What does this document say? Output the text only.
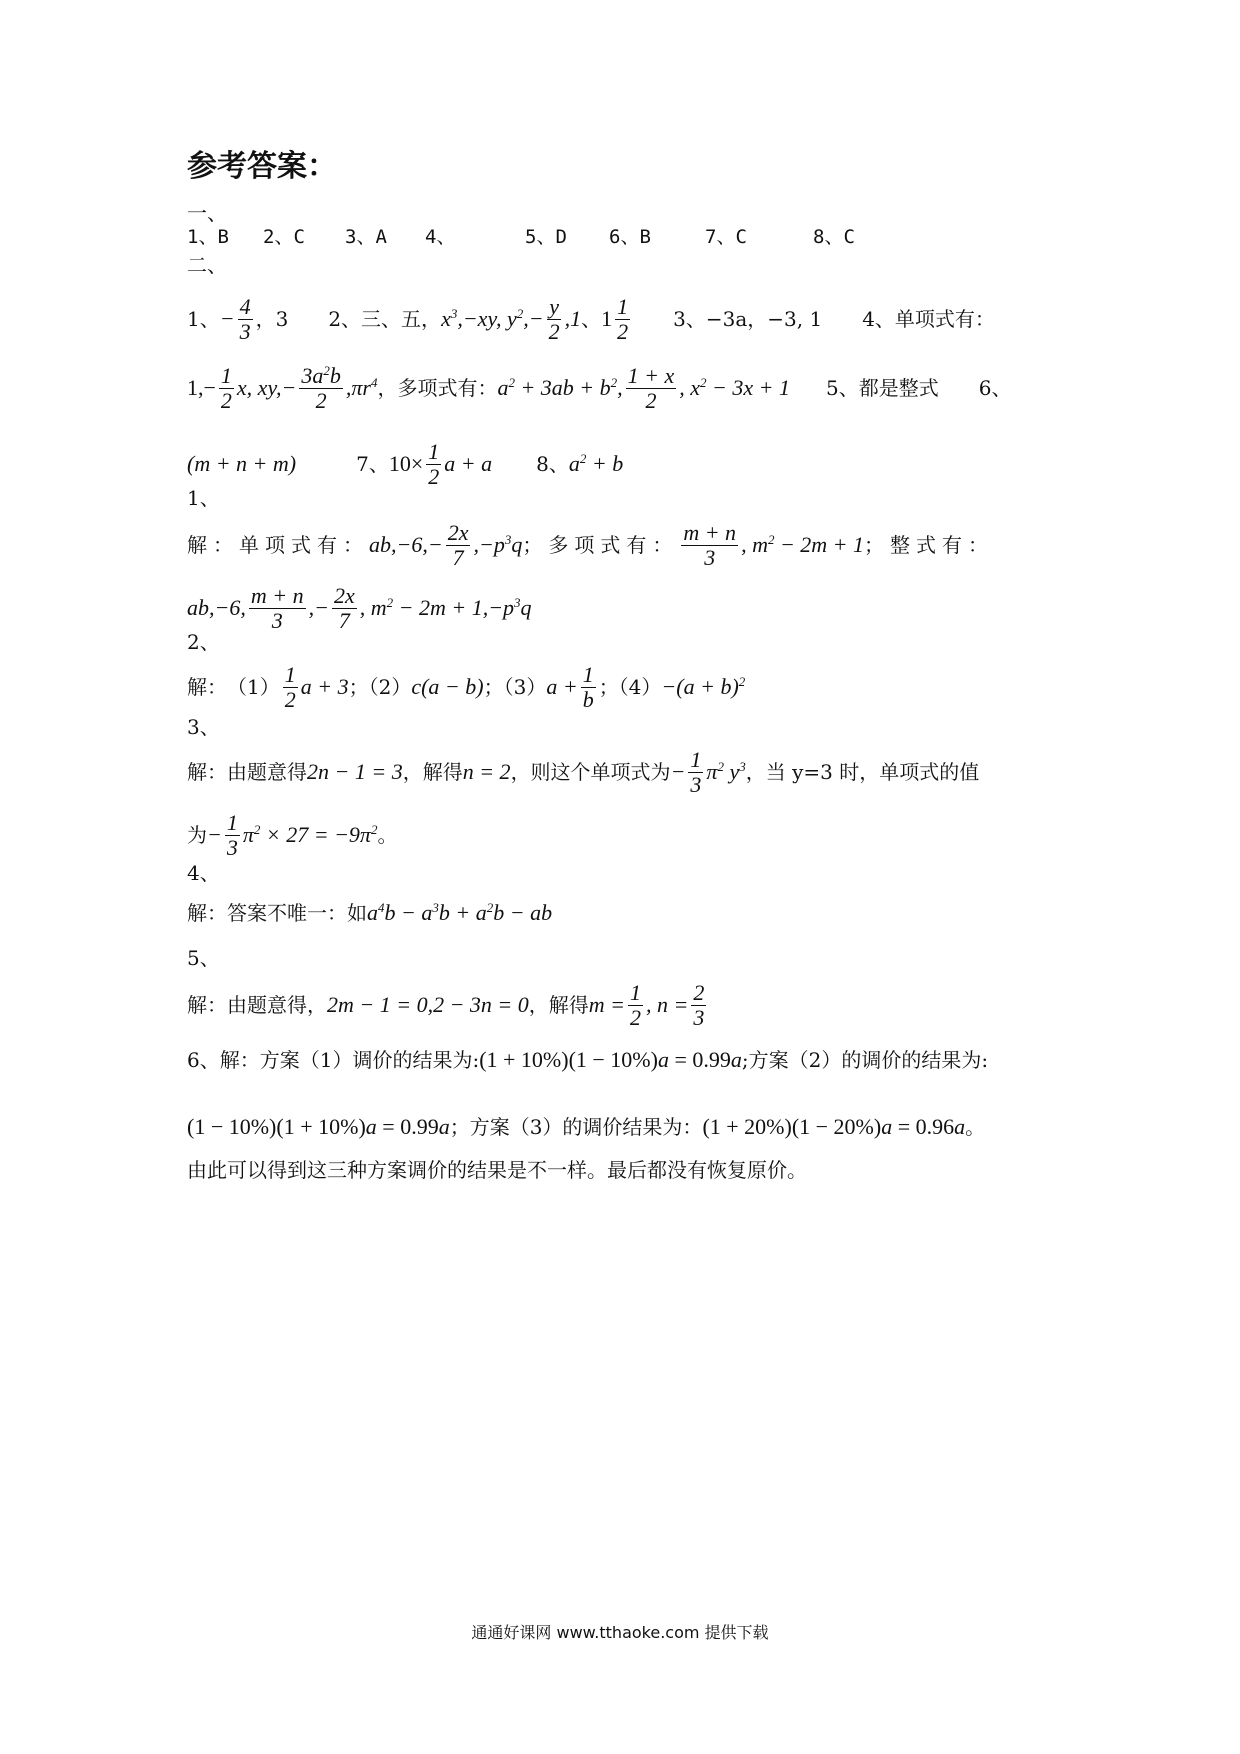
参考答案：
一、
1、B	2、C	3、A	4、	5、D	6、B	7、C	8、C
二、
1、 − $\frac{4}{3}$ ，3 2、三、五， $x^3,-xy$, $y^2,- \frac{y}{2} ,1$ 、 $1 \frac{1}{2} 3$、 −3a，−3, 1 4、单项式有：
$1,- \frac{1}{2} x$, $xy,- \frac{3a^2b}{2} ,\pi r^4$ ， 多项式有： $a^2 + 3ab + b^2$, $\frac{1 + x}{2}$ , $x^2 - 3x + 1$ 5、都是整式 6、
(m + n + m)	7、 $10\times \frac{1}{2}$ a + a 8、 $a^2 + b$
1、
解：单项式有： $ab,-6,- \frac{2x}{7} ,-p^3q$ ；多项式有： $\frac{m + n}{3}$ , $m^2 - 2m + 1$ ；整式有：
ab,−6, $\frac{m + n}{3}$ ,− $\frac{2x}{7}$ , $m^2 - 2m + 1,-p^3q$
2、
解： $(1) \frac{1}{2}$ a + 3 ；（2） c(a − b) ；（3） $a + \frac{1}{b}$ ；$(4) -(a + b)^2$
3、
解：由题意得 2n − 1 = 3 ，解得 n = 2 ，则这个单项式为 − $\frac{1}{3} \pi^2$ $y^3$ ，当 y=3 时，单项式的值
为 − $\frac{1}{3} \pi^2 \times 27 = -9\pi^2$ 。
4、
解：答案不唯一：如 $a^4b - a^3b + a^2b$ − ab
5、
解：由题意得， 2m − 1 = 0,2 − 3n = 0 ，解得 $m = \frac{1}{2}$ , $n = \frac{2}{3}$
6、解：方案（1）调价的结果为: (1 + 10%)(1 − 10%)a = 0.99a ;方案（2）的调价的结果为:
(1 − 10%)(1 + 10%)a = 0.99a ；方案（3）的调价结果为： (1 + 20%)(1 − 20%)a = 0.96a 。
由此可以得到这三种方案调价的结果是不一样。最后都没有恢复原价。
通通好课网 www.tthaoke.com 提供下载
